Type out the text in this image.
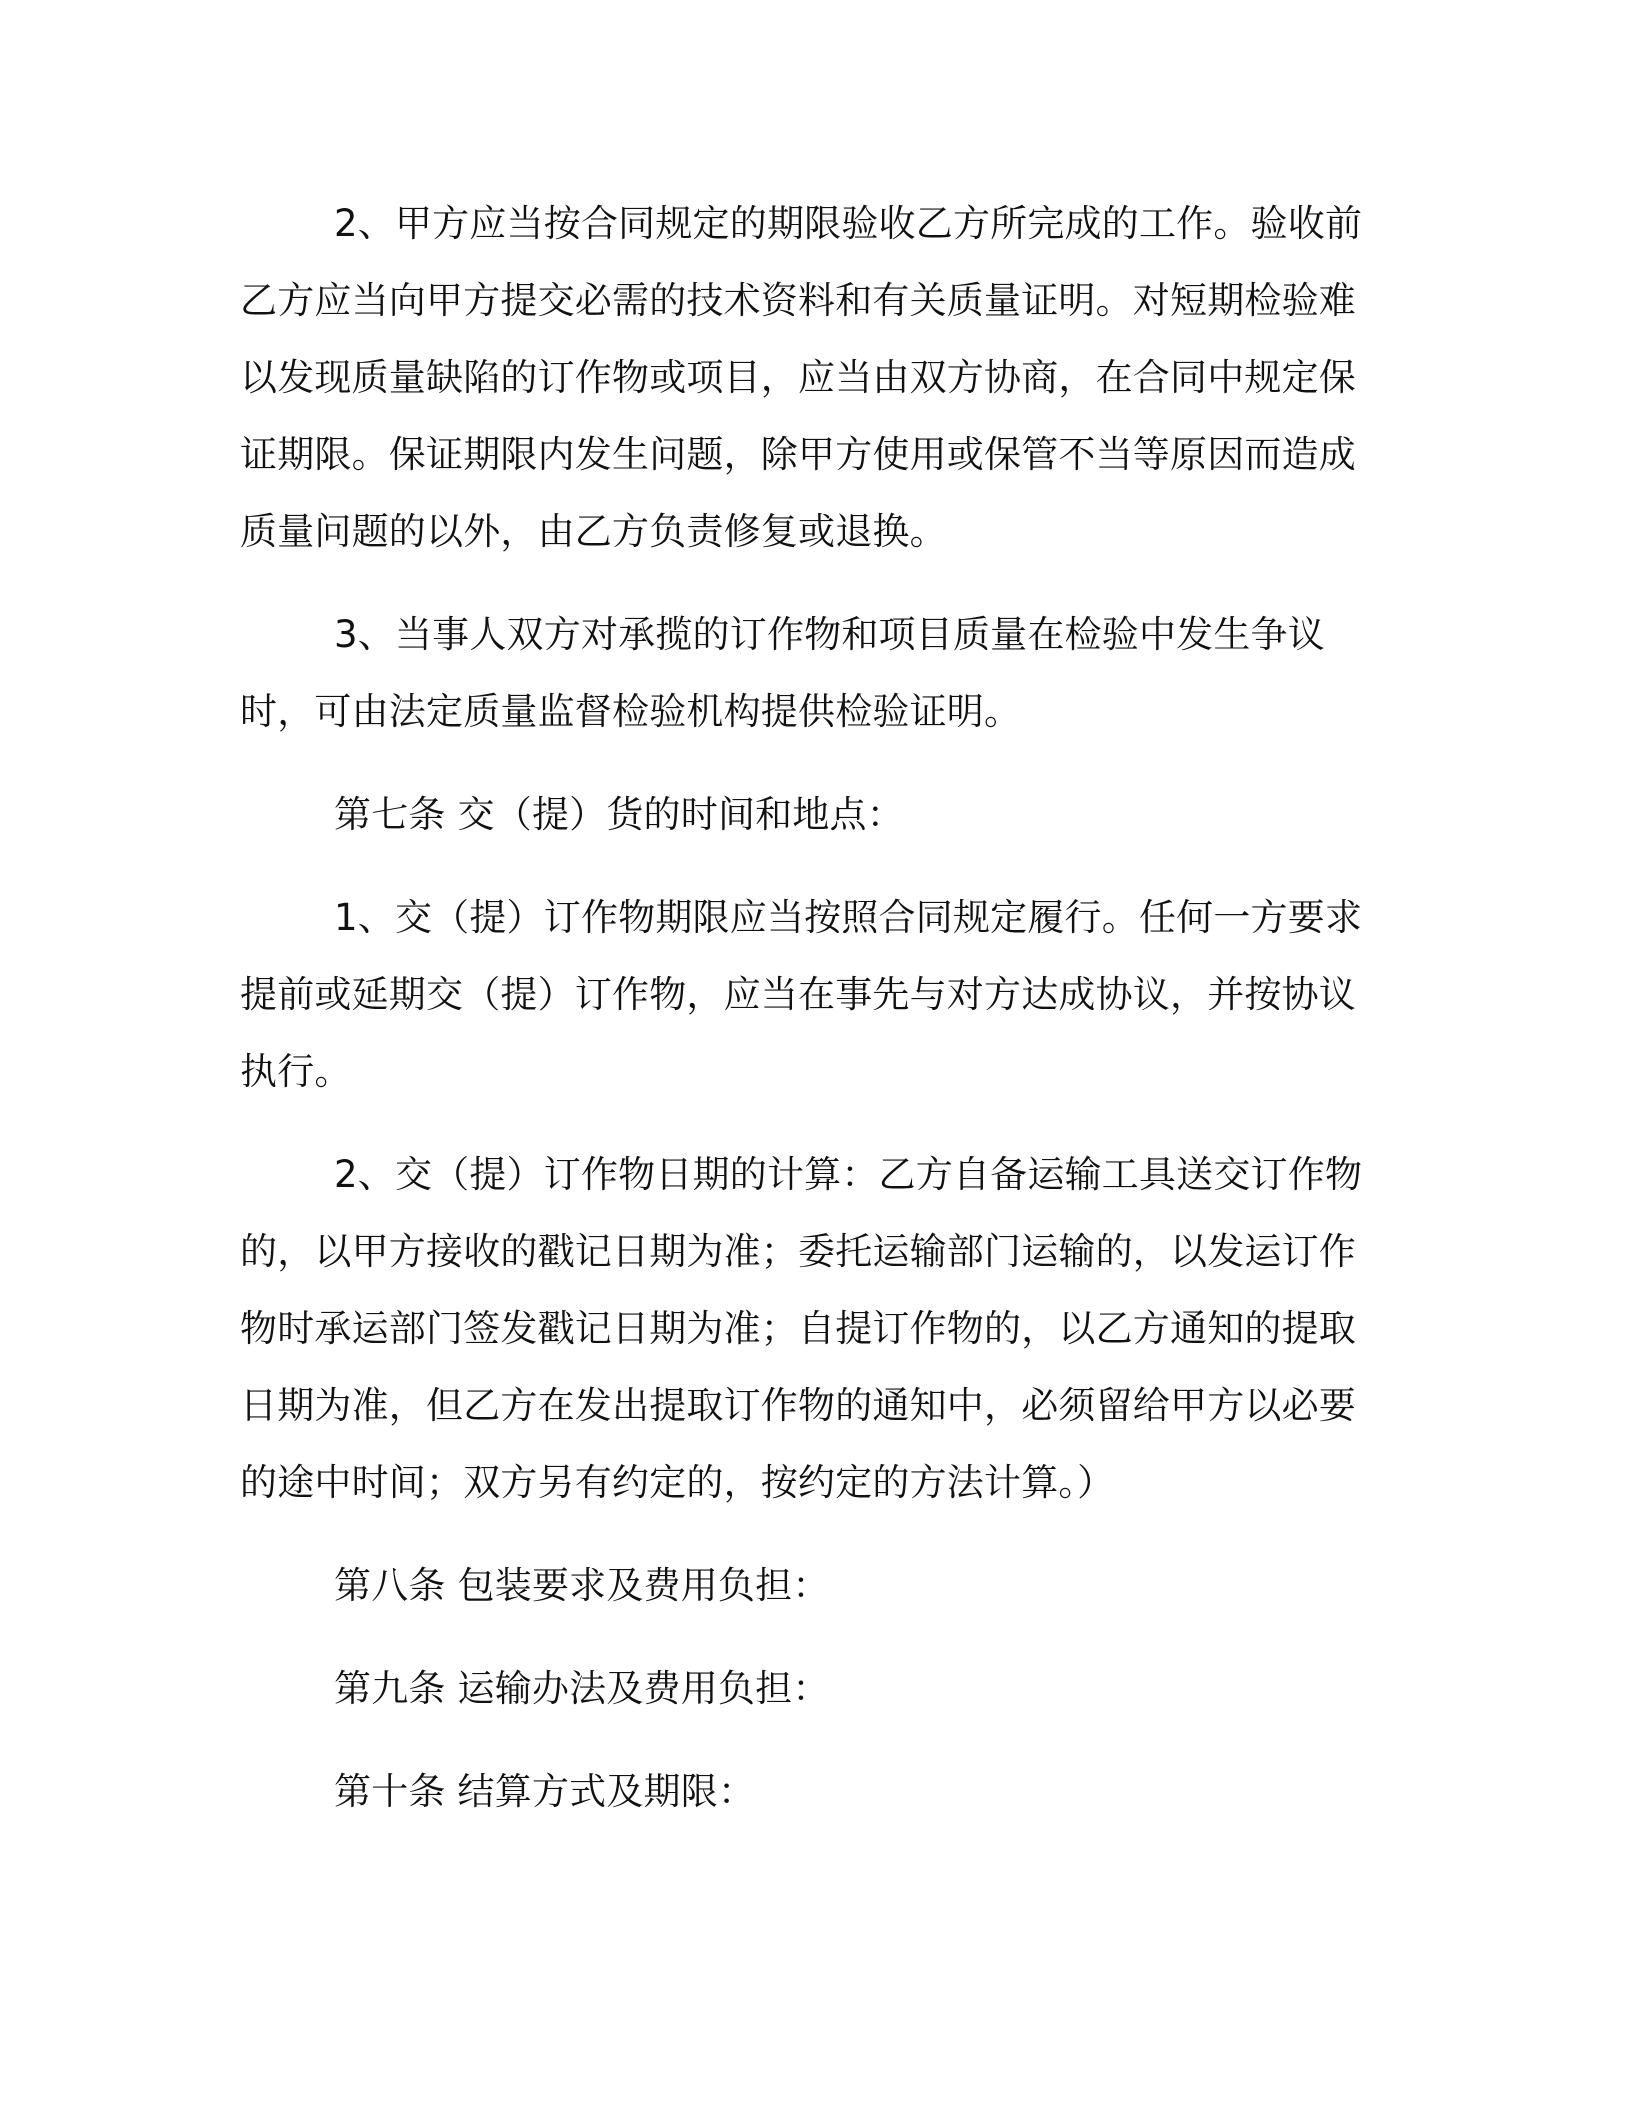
2、甲方应当按合同规定的期限验收乙方所完成的工作。验收前乙方应当向甲方提交必需的技术资料和有关质量证明。对短期检验难以发现质量缺陷的订作物或项目，应当由双方协商，在合同中规定保证期限。保证期限内发生问题，除甲方使用或保管不当等原因而造成质量问题的以外，由乙方负责修复或退换。

3、当事人双方对承揽的订作物和项目质量在检验中发生争议时，可由法定质量监督检验机构提供检验证明。

第七条 交（提）货的时间和地点：

1、交（提）订作物期限应当按照合同规定履行。任何一方要求提前或延期交（提）订作物，应当在事先与对方达成协议，并按协议执行。

2、交（提）订作物日期的计算：乙方自备运输工具送交订作物的，以甲方接收的戳记日期为准；委托运输部门运输的，以发运订作物时承运部门签发戳记日期为准；自提订作物的，以乙方通知的提取日期为准，但乙方在发出提取订作物的通知中，必须留给甲方以必要的途中时间；双方另有约定的，按约定的方法计算。）

第八条 包装要求及费用负担：

第九条 运输办法及费用负担：

第十条 结算方式及期限：
